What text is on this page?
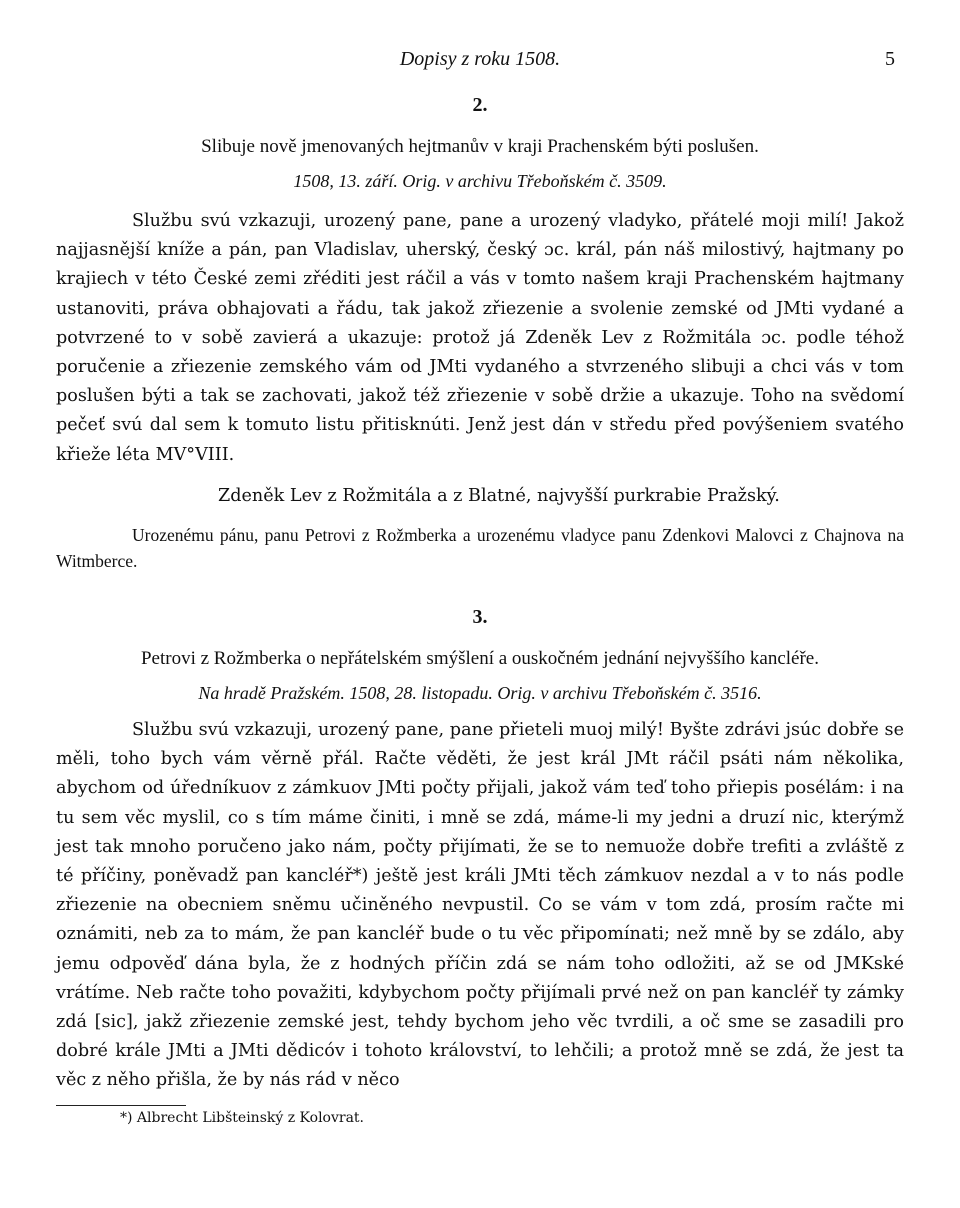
Dopisy z roku 1508.	5
2.
Slibuje nově jmenovaných hejtmanův v kraji Prachenském býti poslušen.
1508, 13. září. Orig. v archivu Třeboňském č. 3509.

Službu svú vzkazuji, urozený pane, pane a urozený vladyko, přátelé moji milí! Jakož najjasnější kníže a pán, pan Vladislav, uherský, český ɔc. král, pán náš milostivý, hajtmany po krajiech v této České zemi zřéditi jest ráčil a vás v tomto našem kraji Prachenském hajtmany ustanoviti, práva obhajovati a řádu, tak jakož zřiezenie a svolenie zemské od JMti vydané a potvrzené to v sobě zavierá a ukazuje: protož já Zdeněk Lev z Rožmitála ɔc. podle téhož poručenie a zřiezenie zemského vám od JMti vydaného a stvrzeného slibuji a chci vás v tom poslušen býti a tak se zachovati, jakož též zřiezenie v sobě držie a ukazuje. Toho na svědomí pečeť svú dal sem k tomuto listu přitisknúti. Jenž jest dán v středu před povýšeniem svatého křieže léta MV°VIII.

Zdeněk Lev z Rožmitála a z Blatné, najvyšší purkrabie Pražský.

Urozenému pánu, panu Petrovi z Rožmberka a urozenému vladyce panu Zdenkovi Malovci z Chajnova na Witmberce.

3.
Petrovi z Rožmberka o nepřátelském smýšlení a ouskočném jednání nejvyššího kancléře.
Na hradě Pražském. 1508, 28. listopadu. Orig. v archivu Třeboňském č. 3516.

Službu svú vzkazuji, urozený pane, pane přieteli muoj milý! Byšte zdrávi jsúc dobře se měli, toho bych vám věrně přál. Račte věděti, že jest král JMt ráčil psáti nám několika, abychom od úředníkuov z zámkuov JMti počty přijali, jakož vám teď toho přiepis posélám: i na tu sem věc myslil, co s tím máme činiti, i mně se zdá, máme-li my jedni a druzí nic, kterýmž jest tak mnoho poručeno jako nám, počty přijímati, že se to nemuože dobře trefiti a zvláště z té příčiny, poněvadž pan kancléř*) ještě jest králi JMti těch zámkuov nezdal a v to nás podle zřiezenie na obecniem sněmu učiněného nevpustil. Co se vám v tom zdá, prosím račte mi oznámiti, neb za to mám, že pan kancléř bude o tu věc připomínati; než mně by se zdálo, aby jemu odpověď dána byla, že z hodných příčin zdá se nám toho odložiti, až se od JMKské vrátíme. Neb račte toho považiti, kdybychom počty přijímali prvé než on pan kancléř ty zámky zdá [sic], jakž zřiezenie zemské jest, tehdy bychom jeho věc tvrdili, a oč sme se zasadili pro dobré krále JMti a JMti dědicóv i tohoto království, to lehčili; a protož mně se zdá, že jest ta věc z něho přišla, že by nás rád v něco

*) Albrecht Libšteinský z Kolovrat.
